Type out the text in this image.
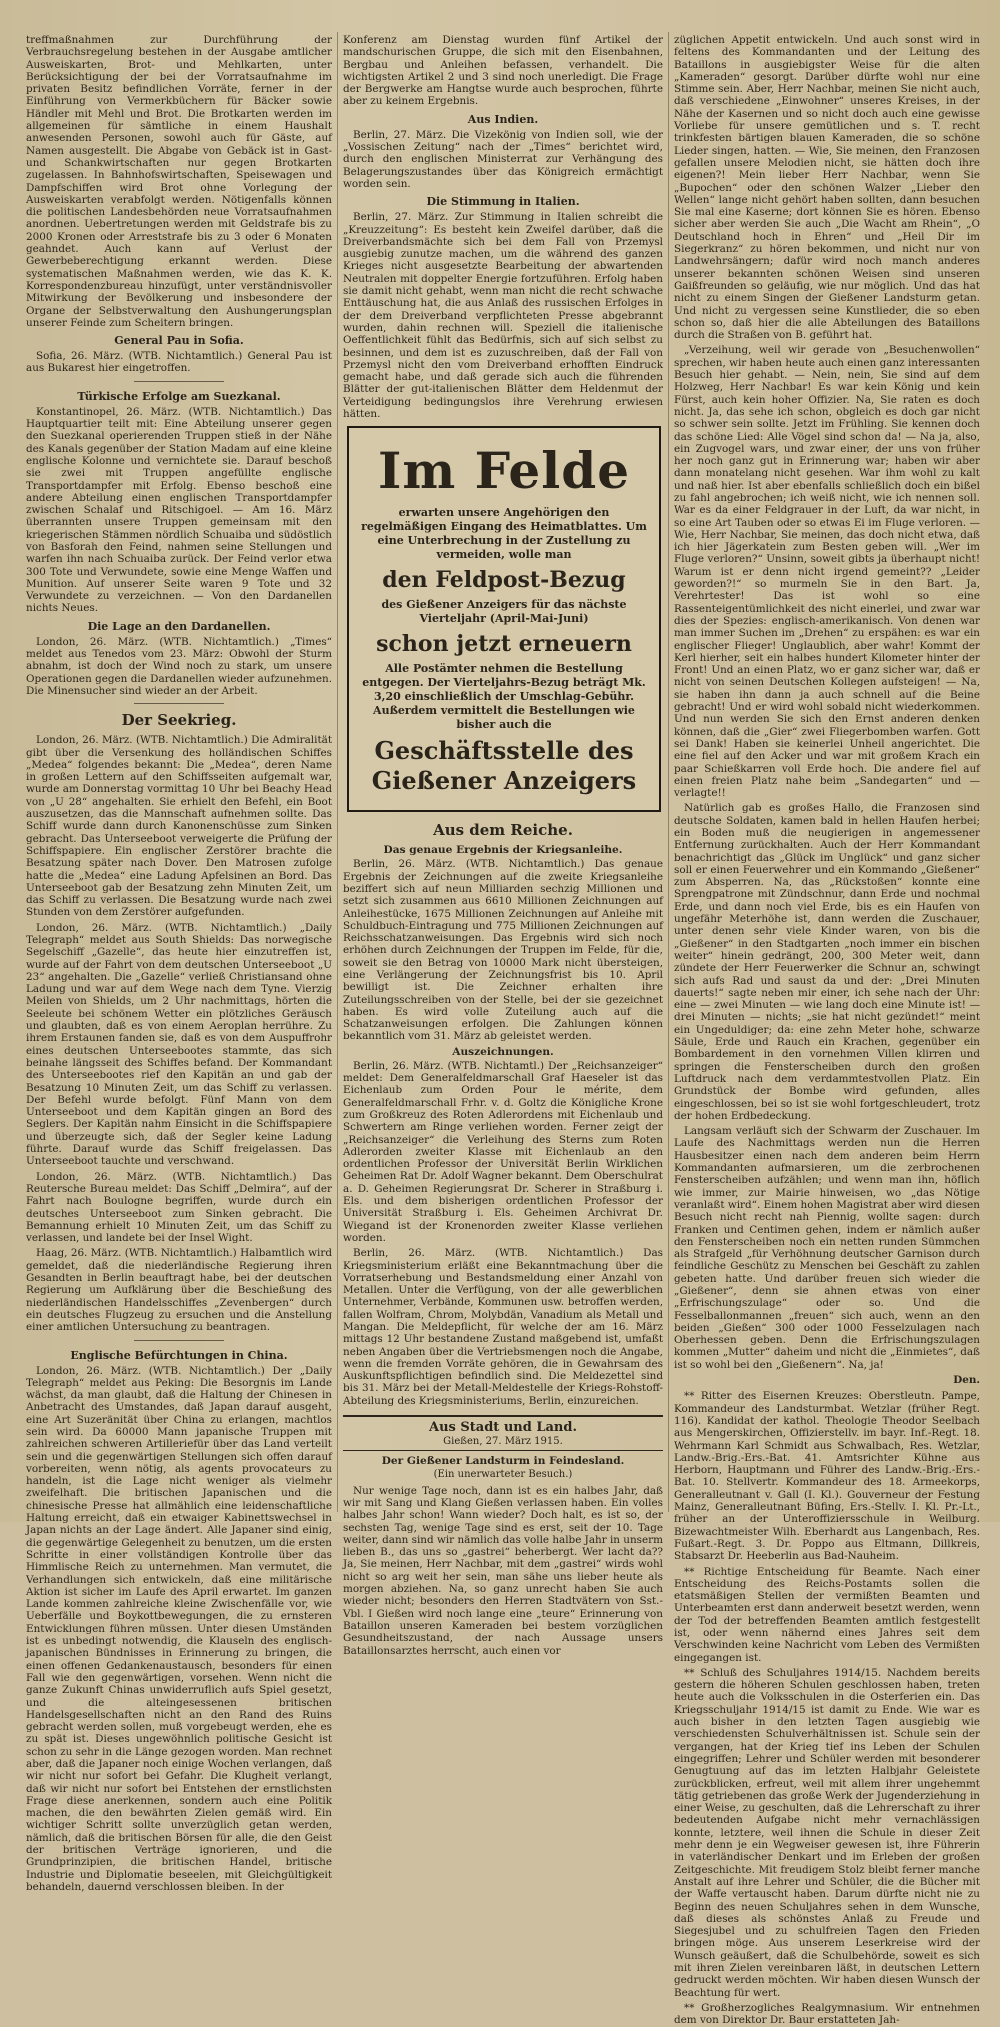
treffmaßnahmen zur Durchführung der Verbrauchsregelung bestehen in der Ausgabe amtlicher Ausweiskarten, Brot- und Mehlkarten, unter Berücksichtigung der bei der Vorratsaufnahme im privaten Besitz befindlichen Vorräte, ferner in der Einführung von Vermerkbüchern für Bäcker sowie Händler mit Mehl und Brot. Die Brotkarten werden im allgemeinen für sämtliche in einem Haushalt anwesenden Personen, sowohl auch für Gäste, auf Namen ausgestellt. Die Abgabe von Gebäck ist in Gast- und Schankwirtschaften nur gegen Brotkarten zugelassen. In Bahnhofswirtschaften, Speisewagen und Dampfschiffen wird Brot ohne Vorlegung der Ausweiskarten verabfolgt werden. Nötigenfalls können die politischen Landesbehörden neue Vorratsaufnahmen anordnen. Uebertretungen werden mit Geldstrafe bis zu 2000 Kronen oder Arreststrafe bis zu 3 oder 6 Monaten geahndet. Auch kann auf Verlust der Gewerbeberechtigung erkannt werden. Diese systematischen Maßnahmen werden, wie das K. K. Korrespondenzbureau hinzufügt, unter verständnisvoller Mitwirkung der Bevölkerung und insbesondere der Organe der Selbstverwaltung den Aushungerungsplan unserer Feinde zum Scheitern bringen.

General Pau in Sofia.

Sofia, 26. März. (WTB. Nichtamtlich.) General Pau ist aus Bukarest hier eingetroffen.

Türkische Erfolge am Suezkanal.

Konstantinopel, 26. März. (WTB. Nichtamtlich.) Das Hauptquartier teilt mit: Eine Abteilung unserer gegen den Suezkanal operierenden Truppen stieß in der Nähe des Kanals gegenüber der Station Madam auf eine kleine englische Kolonne und vernichtete sie. Darauf beschoß sie zwei mit Truppen angefüllte englische Transportdampfer mit Erfolg. Ebenso beschoß eine andere Abteilung einen englischen Transportdampfer zwischen Schalaf und Ritschigoel. — Am 16. März überrannten unsere Truppen gemeinsam mit den kriegerischen Stämmen nördlich Schuaiba und südöstlich von Basforah den Feind, nahmen seine Stellungen und warfen ihn nach Schuaiba zurück. Der Feind verlor etwa 300 Tote und Verwundete, sowie eine Menge Waffen und Munition. Auf unserer Seite waren 9 Tote und 32 Verwundete zu verzeichnen. — Von den Dardanellen nichts Neues.

Die Lage an den Dardanellen.

London, 26. März. (WTB. Nichtamtlich.) „Times“ meldet aus Tenedos vom 23. März: Obwohl der Sturm abnahm, ist doch der Wind noch zu stark, um unsere Operationen gegen die Dardanellen wieder aufzunehmen. Die Minensucher sind wieder an der Arbeit.

Der Seekrieg.

London, 26. März. (WTB. Nichtamtlich.) Die Admiralität gibt über die Versenkung des holländischen Schiffes „Medea“ folgendes bekannt: Die „Medea“, deren Name in großen Lettern auf den Schiffsseiten aufgemalt war, wurde am Donnerstag vormittag 10 Uhr bei Beachy Head von „U 28“ angehalten. Sie erhielt den Befehl, ein Boot auszusetzen, das die Mannschaft aufnehmen sollte. Das Schiff wurde dann durch Kanonenschüsse zum Sinken gebracht. Das Unterseeboot verweigerte die Prüfung der Schiffspapiere. Ein englischer Zerstörer brachte die Besatzung später nach Dover. Den Matrosen zufolge hatte die „Medea“ eine Ladung Apfelsinen an Bord. Das Unterseeboot gab der Besatzung zehn Minuten Zeit, um das Schiff zu verlassen. Die Besatzung wurde nach zwei Stunden von dem Zerstörer aufgefunden.

London, 26. März. (WTB. Nichtamtlich.) „Daily Telegraph“ meldet aus South Shields: Das norwegische Segelschiff „Gazelle“, das heute hier einzutreffen ist, wurde auf der Fahrt von dem deutschen Unterseeboot „U 23“ angehalten. Die „Gazelle“ verließ Christiansand ohne Ladung und war auf dem Wege nach dem Tyne. Vierzig Meilen von Shields, um 2 Uhr nachmittags, hörten die Seeleute bei schönem Wetter ein plötzliches Geräusch und glaubten, daß es von einem Aeroplan herrühre. Zu ihrem Erstaunen fanden sie, daß es von dem Auspuffrohr eines deutschen Unterseebootes stammte, das sich beinahe längsseit des Schiffes befand. Der Kommandant des Unterseebootes rief den Kapitän an und gab der Besatzung 10 Minuten Zeit, um das Schiff zu verlassen. Der Befehl wurde befolgt. Fünf Mann von dem Unterseeboot und dem Kapitän gingen an Bord des Seglers. Der Kapitän nahm Einsicht in die Schiffspapiere und überzeugte sich, daß der Segler keine Ladung führte. Darauf wurde das Schiff freigelassen. Das Unterseeboot tauchte und verschwand.

London, 26. März. (WTB. Nichtamtlich.) Das Reutersche Bureau meldet: Das Schiff „Delmira“, auf der Fahrt nach Boulogne begriffen, wurde durch ein deutsches Unterseeboot zum Sinken gebracht. Die Bemannung erhielt 10 Minuten Zeit, um das Schiff zu verlassen, und landete bei der Insel Wight.

Haag, 26. März. (WTB. Nichtamtlich.) Halbamtlich wird gemeldet, daß die niederländische Regierung ihren Gesandten in Berlin beauftragt habe, bei der deutschen Regierung um Aufklärung über die Beschießung des niederländischen Handelsschiffes „Zevenbergen“ durch ein deutsches Flugzeug zu ersuchen und die Anstellung einer amtlichen Untersuchung zu beantragen.

Englische Befürchtungen in China.

London, 26. März. (WTB. Nichtamtlich.) Der „Daily Telegraph“ meldet aus Peking: Die Besorgnis im Lande wächst, da man glaubt, daß die Haltung der Chinesen in Anbetracht des Umstandes, daß Japan darauf ausgeht, eine Art Suzeränität über China zu erlangen, machtlos sein wird. Da 60000 Mann japanische Truppen mit zahlreichen schweren Artilleriefür über das Land verteilt sein und die gegenwärtigen Stellungen sich offen darauf vorbereiten, wenn nötig, als agents provocateurs zu handeln, ist die Lage nicht weniger als vielmehr zweifelhaft. Die britischen Japanischen und die chinesische Presse hat allmählich eine leidenschaftliche Haltung erreicht, daß ein etwaiger Kabinettswechsel in Japan nichts an der Lage ändert. Alle Japaner sind einig, die gegenwärtige Gelegenheit zu benutzen, um die ersten Schritte in einer vollständigen Kontrolle über das Himmlische Reich zu unternehmen. Man vermutet, die Verhandlungen sich entwickeln, daß eine militärische Aktion ist sicher im Laufe des April erwartet. Im ganzen Lande kommen zahlreiche kleine Zwischenfälle vor, wie Ueberfälle und Boykottbewegungen, die zu ernsteren Entwicklungen führen müssen. Unter diesen Umständen ist es unbedingt notwendig, die Klauseln des englisch-japanischen Bündnisses in Erinnerung zu bringen, die einen offenen Gedankenaustausch, besonders für einen Fall wie den gegenwärtigen, vorsehen. Wenn nicht die ganze Zukunft Chinas unwiderruflich aufs Spiel gesetzt, und die alteingesessenen britischen Handelsgesellschaften nicht an den Rand des Ruins gebracht werden sollen, muß vorgebeugt werden, ehe es zu spät ist. Dieses ungewöhnlich politische Gesicht ist schon zu sehr in die Länge gezogen worden. Man rechnet aber, daß die Japaner noch einige Wochen verlangen, daß wir nicht nur sofort bei Gefahr. Die Klugheit verlangt, daß wir nicht nur sofort bei Entstehen der ernstlichsten Frage diese anerkennen, sondern auch eine Politik machen, die den bewährten Zielen gemäß wird. Ein wichtiger Schritt sollte unverzüglich getan werden, nämlich, daß die britischen Börsen für alle, die den Geist der britischen Verträge ignorieren, und die Grundprinzipien, die britischen Handel, britische Industrie und Diplomatie beseelen, mit Gleichgültigkeit behandeln, dauernd verschlossen bleiben. In der

Konferenz am Dienstag wurden fünf Artikel der mandschurischen Gruppe, die sich mit den Eisenbahnen, Bergbau und Anleihen befassen, verhandelt. Die wichtigsten Artikel 2 und 3 sind noch unerledigt. Die Frage der Bergwerke am Hangtse wurde auch besprochen, führte aber zu keinem Ergebnis.

Aus Indien.

Berlin, 27. März. Die Vizekönig von Indien soll, wie der „Vossischen Zeitung“ nach der „Times“ berichtet wird, durch den englischen Ministerrat zur Verhängung des Belagerungszustandes über das Königreich ermächtigt worden sein.

Die Stimmung in Italien.

Berlin, 27. März. Zur Stimmung in Italien schreibt die „Kreuzzeitung“: Es besteht kein Zweifel darüber, daß die Dreiverbandsmächte sich bei dem Fall von Przemysl ausgiebig zunutze machen, um die während des ganzen Krieges nicht ausgesetzte Bearbeitung der abwartenden Neutralen mit doppelter Energie fortzuführen. Erfolg haben sie damit nicht gehabt, wenn man nicht die recht schwache Enttäuschung hat, die aus Anlaß des russischen Erfolges in der dem Dreiverband verpflichteten Presse abgebrannt wurden, dahin rechnen will. Speziell die italienische Oeffentlichkeit fühlt das Bedürfnis, sich auf sich selbst zu besinnen, und dem ist es zuzuschreiben, daß der Fall von Przemysl nicht den vom Dreiverband erhofften Eindruck gemacht habe, und daß gerade sich auch die führenden Blätter der gut-italienischen Blätter dem Heldenmut der Verteidigung bedingungslos ihre Verehrung erwiesen hätten.

Im Felde
erwarten unsere Angehörigen den regelmäßigen Eingang des Heimatblattes. Um eine Unterbrechung in der Zustellung zu vermeiden, wolle man
den Feldpost-Bezug
des Gießener Anzeigers für das nächste Vierteljahr (April-Mai-Juni)
schon jetzt erneuern
Alle Postämter nehmen die Bestellung entgegen. Der Vierteljahrs-Bezug beträgt Mk. 3,20 einschließlich der Umschlag-Gebühr. Außerdem vermittelt die Bestellungen wie bisher auch die
Geschäftsstelle des Gießener Anzeigers
Aus dem Reiche.
Das genaue Ergebnis der Kriegsanleihe.

Berlin, 26. März. (WTB. Nichtamtlich.) Das genaue Ergebnis der Zeichnungen auf die zweite Kriegsanleihe beziffert sich auf neun Milliarden sechzig Millionen und setzt sich zusammen aus 6610 Millionen Zeichnungen auf Anleihestücke, 1675 Millionen Zeichnungen auf Anleihe mit Schuldbuch-Eintragung und 775 Millionen Zeichnungen auf Reichsschatzanweisungen. Das Ergebnis wird sich noch erhöhen durch Zeichnungen der Truppen im Felde, für die, soweit sie den Betrag von 10000 Mark nicht übersteigen, eine Verlängerung der Zeichnungsfrist bis 10. April bewilligt ist. Die Zeichner erhalten ihre Zuteilungsschreiben von der Stelle, bei der sie gezeichnet haben. Es wird volle Zuteilung auch auf die Schatzanweisungen erfolgen. Die Zahlungen können bekanntlich vom 31. März ab geleistet werden.

Auszeichnungen.

Berlin, 26. März. (WTB. Nichtamtl.) Der „Reichsanzeiger“ meldet: Dem Generalfeldmarschall Graf Haeseler ist das Eichenlaub zum Orden Pour le mérite, dem Generalfeldmarschall Frhr. v. d. Goltz die Königliche Krone zum Großkreuz des Roten Adlerordens mit Eichenlaub und Schwertern am Ringe verliehen worden. Ferner zeigt der „Reichsanzeiger“ die Verleihung des Sterns zum Roten Adlerorden zweiter Klasse mit Eichenlaub an den ordentlichen Professor der Universität Berlin Wirklichen Geheimen Rat Dr. Adolf Wagner bekannt. Dem Oberschulrat a. D. Geheimen Regierungsrat Dr. Scherer in Straßburg i. Els. und dem bisherigen ordentlichen Professor der Universität Straßburg i. Els. Geheimen Archivrat Dr. Wiegand ist der Kronenorden zweiter Klasse verliehen worden.

Berlin, 26. März. (WTB. Nichtamtlich.) Das Kriegsministerium erläßt eine Bekanntmachung über die Vorratserhebung und Bestandsmeldung einer Anzahl von Metallen. Unter die Verfügung, von der alle gewerblichen Unternehmer, Verbände, Kommunen usw. betroffen werden, fallen Wolfram, Chrom, Molybdän, Vanadium als Metall und Mangan. Die Meldepflicht, für welche der am 16. März mittags 12 Uhr bestandene Zustand maßgebend ist, umfaßt neben Angaben über die Vertriebsmengen noch die Angabe, wenn die fremden Vorräte gehören, die in Gewahrsam des Auskunftspflichtigen befindlich sind. Die Meldezettel sind bis 31. März bei der Metall-Meldestelle der Kriegs-Rohstoff-Abteilung des Kriegsministeriums, Berlin, einzureichen.

Aus Stadt und Land.
Gießen, 27. März 1915.
Der Gießener Landsturm in Feindesland.
(Ein unerwarteter Besuch.)

Nur wenige Tage noch, dann ist es ein halbes Jahr, daß wir mit Sang und Klang Gießen verlassen haben. Ein volles halbes Jahr schon! Wann wieder? Doch halt, es ist so, der sechsten Tag, wenige Tage sind es erst, seit der 10. Tage weiter, dann sind wir nämlich das volle halbe Jahr in unserm lieben B., das uns so „gastrei“ beherbergt. Wer lacht da?? Ja, Sie meinen, Herr Nachbar, mit dem „gastrei“ wirds wohl nicht so arg weit her sein, man sähe uns lieber heute als morgen abziehen. Na, so ganz unrecht haben Sie auch wieder nicht; besonders den Herren Stadtvätern von Sst.-Vbl. I Gießen wird noch lange eine „teure“ Erinnerung von Bataillon unseren Kameraden bei bestem vorzüglichen Gesundheitszustand, der nach Aussage unsers Bataillonsarztes herrscht, auch einen vor

züglichen Appetit entwickeln. Und auch sonst wird in feltens des Kommandanten und der Leitung des Bataillons in ausgiebigster Weise für die alten „Kameraden“ gesorgt. Darüber dürfte wohl nur eine Stimme sein. Aber, Herr Nachbar, meinen Sie nicht auch, daß verschiedene „Einwohner“ unseres Kreises, in der Nähe der Kasernen und so nicht doch auch eine gewisse Vorliebe für unsere gemütlichen und s. T. recht trinkfesten bärtigen blauen Kameraden, die so schöne Lieder singen, hatten. — Wie, Sie meinen, den Franzosen gefallen unsere Melodien nicht, sie hätten doch ihre eigenen?! Mein lieber Herr Nachbar, wenn Sie „Bupochen“ oder den schönen Walzer „Lieber den Wellen“ lange nicht gehört haben sollten, dann besuchen Sie mal eine Kaserne; dort können Sie es hören. Ebenso sicher aber werden Sie auch „Die Wacht am Rhein“, „O Deutschland hoch in Ehren“ und „Heil Dir im Siegerkranz“ zu hören bekommen, und nicht nur von Landwehrsängern; dafür wird noch manch anderes unserer bekannten schönen Weisen sind unseren Gaißfreunden so geläufig, wie nur möglich. Und das hat nicht zu einem Singen der Gießener Landsturm getan. Und nicht zu vergessen seine Kunstlieder, die so eben schon so, daß hier die alle Abteilungen des Bataillons durch die Straßen von B. geführt hat.

„Verzeihung, weil wir gerade von „Besuchenwollen“ sprechen, wir haben heute auch einen ganz interessanten Besuch hier gehabt. — Nein, nein, Sie sind auf dem Holzweg, Herr Nachbar! Es war kein König und kein Fürst, auch kein hoher Offizier. Na, Sie raten es doch nicht. Ja, das sehe ich schon, obgleich es doch gar nicht so schwer sein sollte. Jetzt im Frühling. Sie kennen doch das schöne Lied: Alle Vögel sind schon da! — Na ja, also, ein Zugvogel wars, und zwar einer, der uns von früher her noch ganz gut in Erinnerung war; haben wir aber dann monatelang nicht gesehen. War ihm wohl zu kalt und naß hier. Ist aber ebenfalls schließlich doch ein bißel zu fahl angebrochen; ich weiß nicht, wie ich nennen soll. War es da einer Feldgrauer in der Luft, da war nicht, in so eine Art Tauben oder so etwas Ei im Fluge verloren. — Wie, Herr Nachbar, Sie meinen, das doch nicht etwa, daß ich hier Jägerkatein zum Besten geben will. „Wer im Fluge verloren?“ Unsinn, soweit gibts ja überhaupt nicht! Warum ist er denn nicht irgend gemeint?? „Leider geworden?!“ so murmeln Sie in den Bart. Ja, Verehrtester! Das ist wohl so eine Rassenteigentümlichkeit des nicht einerlei, und zwar war dies der Spezies: englisch-amerikanisch. Von denen war man immer Suchen im „Drehen“ zu erspähen: es war ein englischer Flieger! Unglaublich, aber wahr! Kommt der Kerl hierher, seit ein halbes hundert Kilometer hinter der Front! Und an einen Platz, wo er ganz sicher war, daß er nicht von seinen Deutschen Kollegen aufsteigen! — Na, sie haben ihn dann ja auch schnell auf die Beine gebracht! Und er wird wohl sobald nicht wiederkommen. Und nun werden Sie sich den Ernst anderen denken können, daß die „Gier“ zwei Fliegerbomben warfen. Gott sei Dank! Haben sie keinerlei Unheil angerichtet. Die eine fiel auf den Acker und war mit großem Krach ein paar Schießkarren voll Erde hoch. Die andere fiel auf einen freien Platz nahe beim „Sandegarten“ und — verlagte!!

Natürlich gab es großes Hallo, die Franzosen sind deutsche Soldaten, kamen bald in hellen Haufen herbei; ein Boden muß die neugierigen in angemessener Entfernung zurückhalten. Auch der Herr Kommandant benachrichtigt das „Glück im Unglück“ und ganz sicher soll er einen Feuerwehrer und ein Kommando „Gießener“ zum Absperren. Na, das „Rückstoßen“ konnte eine Sprengpatrone mit Zündschnur, dann Erde und nochmal Erde, und dann noch viel Erde, bis es ein Haufen von ungefähr Meterhöhe ist, dann werden die Zuschauer, unter denen sehr viele Kinder waren, von bis die „Gießener“ in den Stadtgarten „noch immer ein bischen weiter“ hinein gedrängt, 200, 300 Meter weit, dann zündete der Herr Feuerwerker die Schnur an, schwingt sich aufs Rad und saust da und der: „Drei Minuten dauerts!“ sagte neben mir einer, ich sehe nach der Uhr: eine — zwei Minuten — wie lang doch eine Minute ist! — drei Minuten — nichts; „sie hat nicht gezündet!“ meint ein Ungeduldiger; da: eine zehn Meter hohe, schwarze Säule, Erde und Rauch ein Krachen, gegenüber ein Bombardement in den vornehmen Villen klirren und springen die Fensterscheiben durch den großen Luftdruck nach dem verdammtestvollen Platz. Ein Grundstück der Bombe wird gefunden, alles eingeschlossen, bei so ist sie wohl fortgeschleudert, trotz der hohen Erdbedeckung.

Langsam verläuft sich der Schwarm der Zuschauer. Im Laufe des Nachmittags werden nun die Herren Hausbesitzer einen nach dem anderen beim Herrn Kommandanten aufmarsieren, um die zerbrochenen Fensterscheiben aufzählen; und wenn man ihn, höflich wie immer, zur Mairie hinweisen, wo „das Nötige veranlaßt wird“. Einem hohen Magistrat aber wird diesen Besuch nicht recht nah Piennig, wollte sagen: durch Franken und Centimen gehen, indem er nämlich außer den Fensterscheiben noch ein netten runden Sümmchen als Strafgeld „für Verhöhnung deutscher Garnison durch feindliche Geschütz zu Menschen bei Geschäft zu zahlen gebeten hatte. Und darüber freuen sich wieder die „Gießener“, denn sie ahnen etwas von einer „Erfrischungszulage“ oder so. Und die Fesselballonmannen „freuen“ sich auch, wenn an den beiden „Gießen“ 300 oder 1000 Fesselzulagen nach Oberhessen geben. Denn die Erfrischungszulagen kommen „Mutter“ daheim und nicht die „Einmietes“, daß ist so wohl bei den „Gießenern“. Na, ja!

Den.

** Ritter des Eisernen Kreuzes: Oberstleutn. Pampe, Kommandeur des Landsturmbat. Wetzlar (früher Regt. 116). Kandidat der kathol. Theologie Theodor Seelbach aus Mengerskirchen, Offizierstellv. im bayr. Inf.-Regt. 18. Wehrmann Karl Schmidt aus Schwalbach, Res. Wetzlar, Landw.-Brig.-Ers.-Bat. 41. Amtsrichter Kühne aus Herborn, Hauptmann und Führer des Landw.-Brig.-Ers.-Bat. 10. Stellvertr. Kommandeur des 18. Armeekorps, Generalleutnant v. Gall (I. Kl.). Gouverneur der Festung Mainz, Generalleutnant Büfing, Ers.-Stellv. I. Kl. Pr.-Lt., früher an der Unteroffiziersschule in Weilburg. Bizewachtmeister Wilh. Eberhardt aus Langenbach, Res. Fußart.-Regt. 3. Dr. Poppo aus Eltmann, Dillkreis, Stabsarzt Dr. Heeberlin aus Bad-Nauheim.

** Richtige Entscheidung für Beamte. Nach einer Entscheidung des Reichs-Postamts sollen die etatsmäßigen Stellen der vermißten Beamten und Unterbeamten erst dann anderweit besetzt werden, wenn der Tod der betreffenden Beamten amtlich festgestellt ist, oder wenn nähernd eines Jahres seit dem Verschwinden keine Nachricht vom Leben des Vermißten eingegangen ist.

** Schluß des Schuljahres 1914/15. Nachdem bereits gestern die höheren Schulen geschlossen haben, treten heute auch die Volksschulen in die Osterferien ein. Das Kriegsschuljahr 1914/15 ist damit zu Ende. Wie war es auch bisher in den letzten Tagen ausgiebig wie verschiedensten Schulverhältnissen ist. Schule sein der vergangen, hat der Krieg tief ins Leben der Schulen eingegriffen; Lehrer und Schüler werden mit besonderer Genugtuung auf das im letzten Halbjahr Geleistete zurückblicken, erfreut, weil mit allem ihrer ungehemmt tätig getriebenen das große Werk der Jugenderziehung in einer Weise, zu geschulten, daß die Lehrerschaft zu ihrer bedeutenden Aufgabe nicht mehr vernachlässigen konnte, letztere, weil ihnen die Schule in dieser Zeit mehr denn je ein Wegweiser gewesen ist, ihre Führerin in vaterländischer Denkart und im Erleben der großen Zeitgeschichte. Mit freudigem Stolz bleibt ferner manche Anstalt auf ihre Lehrer und Schüler, die die Bücher mit der Waffe vertauscht haben. Darum dürfte nicht nie zu Beginn des neuen Schuljahres sehen in dem Wunsche, daß dieses als schönstes Anlaß zu Freude und Siegesjubel und zu schulfreien Tagen den Frieden bringen möge. Aus unserem Leserkreise wird der Wunsch geäußert, daß die Schulbehörde, soweit es sich mit ihren Zielen vereinbaren läßt, in deutschen Lettern gedruckt werden möchten. Wir haben diesen Wunsch der Beachtung für wert.

** Großherzogliches Realgymnasium. Wir entnehmen dem von Direktor Dr. Baur erstatteten Jah-
